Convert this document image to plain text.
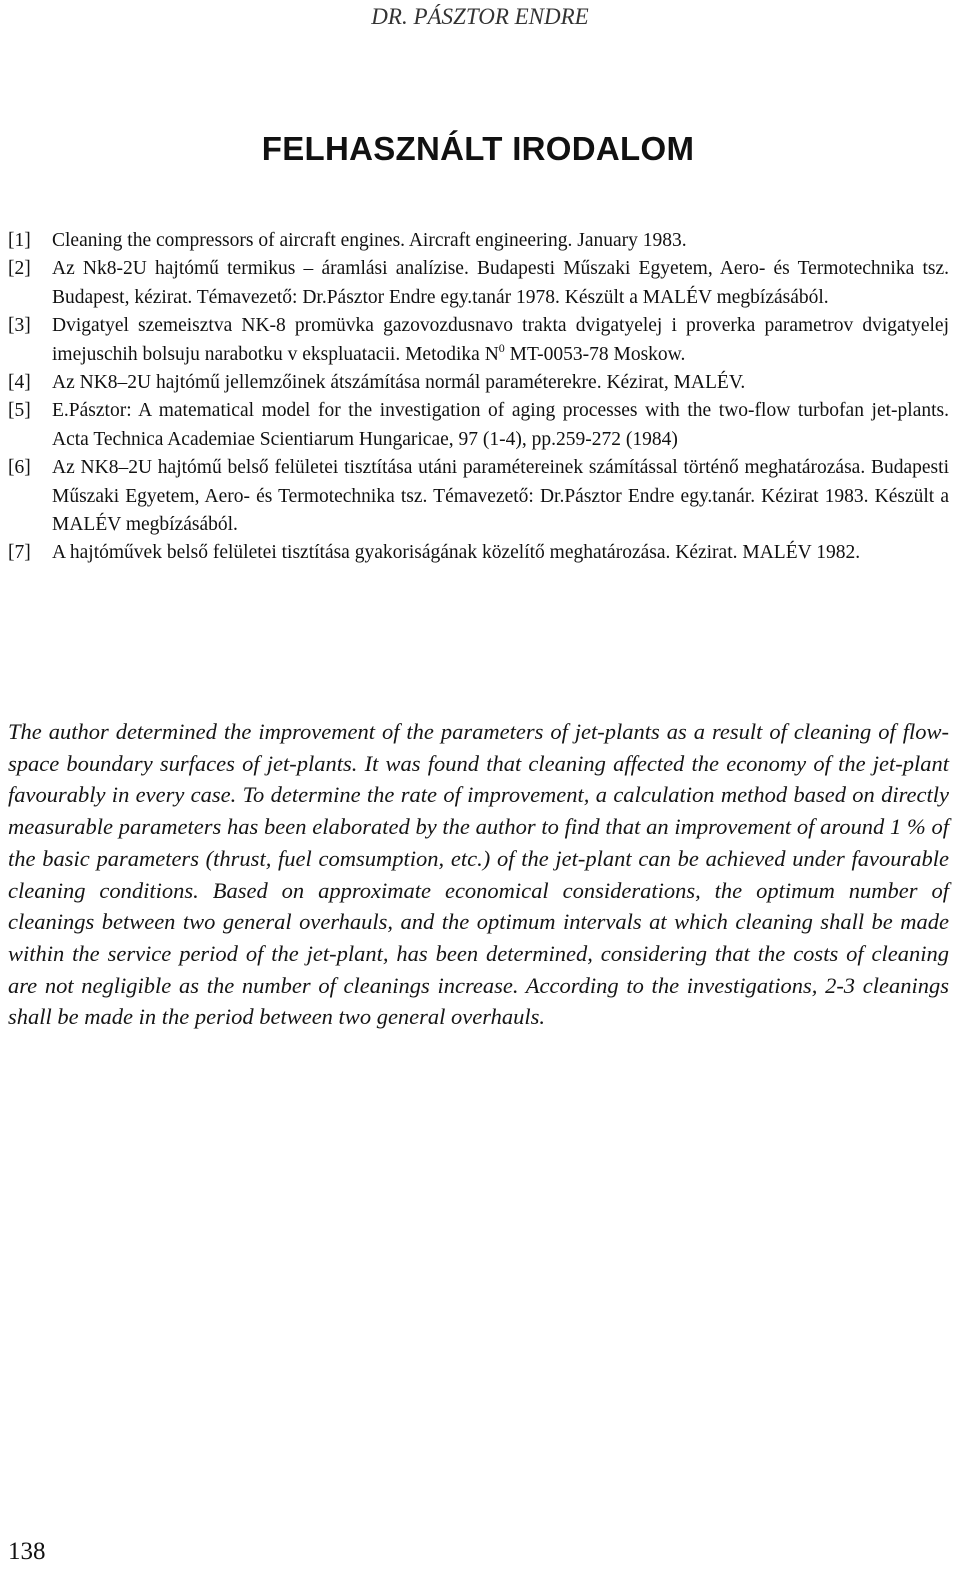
DR. PÁSZTOR ENDRE
FELHASZNÁLT IRODALOM
[1] Cleaning the compressors of aircraft engines. Aircraft engineering. January 1983.
[2] Az Nk8-2U hajtómű termikus – áramlási analízise. Budapesti Műszaki Egyetem, Aero- és Termotechnika tsz. Budapest, kézirat. Témavezető: Dr.Pásztor Endre egy.tanár 1978. Készült a MALÉV megbízásából.
[3] Dvigatyel szemeisztva NK-8 promüvka gazovozdusnavo trakta dvigatyelej i proverka parametrov dvigatyelej imejuschih bolsuju narabotku v ekspluatacii. Metodika $N^0$ MT-0053-78 Moskow.
[4] Az NK8–2U hajtómű jellemzőinek átszámítása normál paraméterekre. Kézirat, MALÉV.
[5] E.Pásztor: A matematical model for the investigation of aging processes with the two-flow turbofan jet-plants. Acta Technica Academiae Scientiarum Hungaricae, 97 (1-4), pp.259-272 (1984)
[6] Az NK8–2U hajtómű belső felületei tisztítása utáni paramétereinek számítással történő meghatározása. Budapesti Műszaki Egyetem, Aero- és Termotechnika tsz. Témavezető: Dr.Pásztor Endre egy.tanár. Kézirat 1983. Készült a MALÉV megbízásából.
[7] A hajtóművek belső felületei tisztítása gyakoriságának közelítő meghatározása. Kézirat. MALÉV 1982.

The author determined the improvement of the parameters of jet-plants as a result of cleaning of flow-space boundary surfaces of jet-plants. It was found that cleaning affected the economy of the jet-plant favourably in every case. To determine the rate of improvement, a calculation method based on directly measurable parameters has been elaborated by the author to find that an improvement of around 1 % of the basic parameters (thrust, fuel comsumption, etc.) of the jet-plant can be achieved under favourable cleaning conditions. Based on approximate economical considerations, the optimum number of cleanings between two general overhauls, and the optimum intervals at which cleaning shall be made within the service period of the jet-plant, has been determined, considering that the costs of cleaning are not negligible as the number of cleanings increase. According to the investigations, 2-3 cleanings shall be made in the period between two general overhauls.

138
